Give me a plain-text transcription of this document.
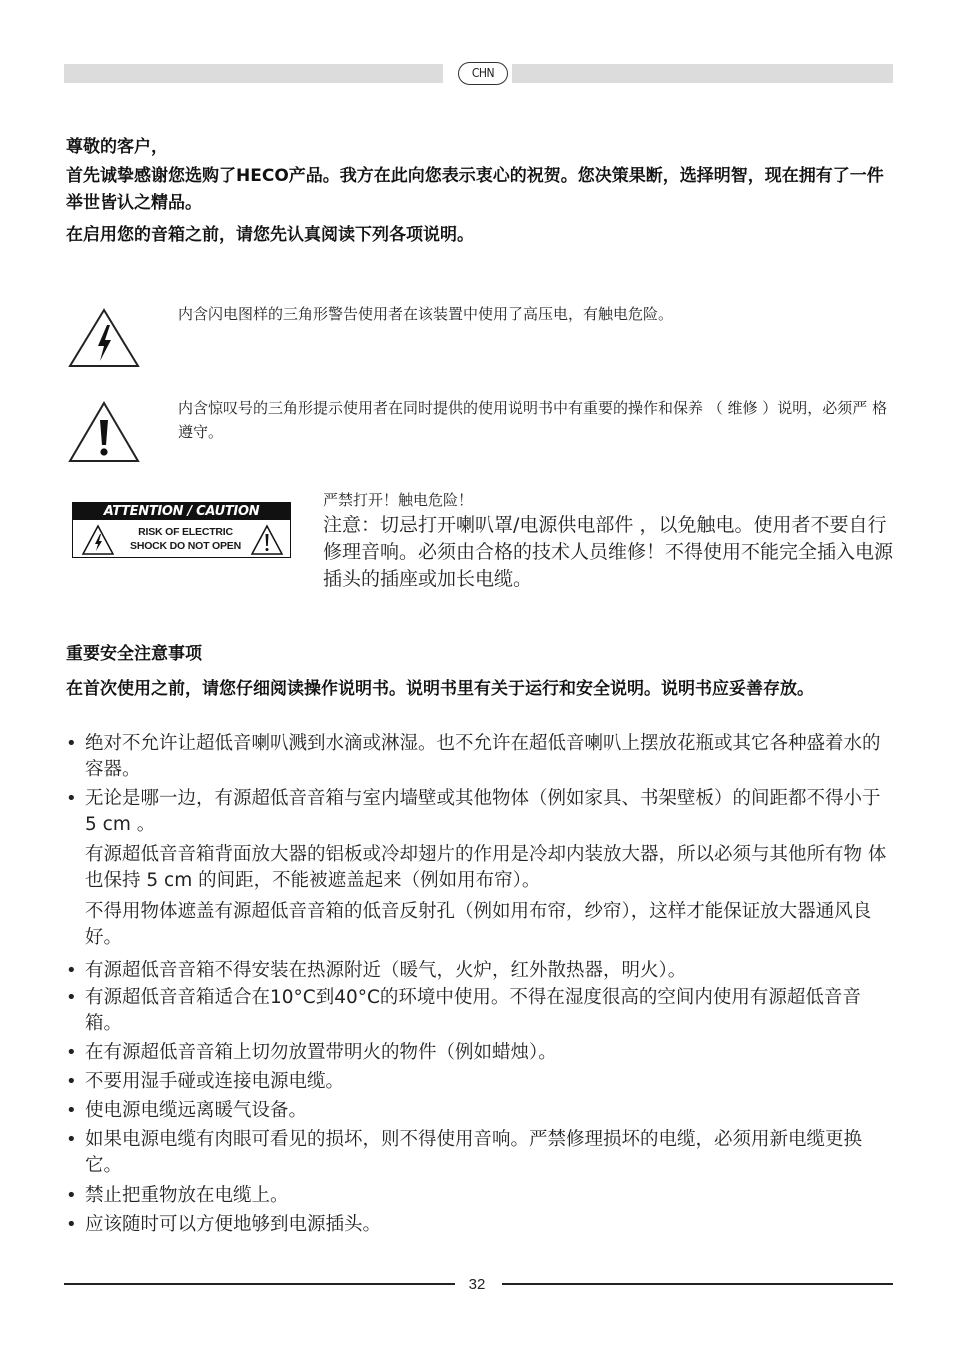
CHN

尊敬的客户，

首先诚挚感谢您选购了HECO产品。我方在此向您表示衷心的祝贺。您决策果断，选择明智，现在拥有了一件举世皆认之精品。

在启用您的音箱之前，请您先认真阅读下列各项说明。

内含闪电图样的三角形警告使用者在该装置中使用了高压电，有触电危险。

内含惊叹号的三角形提示使用者在同时提供的使用说明书中有重要的操作和保养 （ 维修 ）说明，必须严 格遵守。

ATTENTION / CAUTION
RISK OF ELECTRIC
SHOCK DO NOT OPEN

严禁打开！触电危险！

注意：切忌打开喇叭罩/电源供电部件 ，以免触电。使用者不要自行修理音响。必须由合格的技术人员维修！不得使用不能完全插入电源插头的插座或加长电缆。

重要安全注意事项

在首次使用之前，请您仔细阅读操作说明书。说明书里有关于运行和安全说明。说明书应妥善存放。

• 绝对不允许让超低音喇叭溅到水滴或淋湿。也不允许在超低音喇叭上摆放花瓶或其它各种盛着水的容器。

• 无论是哪一边，有源超低音音箱与室内墙壁或其他物体（例如家具、书架壁板）的间距都不得小于 5 cm 。

有源超低音音箱背面放大器的铝板或冷却翅片的作用是冷却内装放大器，所以必须与其他所有物 体也保持 5 cm 的间距，不能被遮盖起来（例如用布帘）。

不得用物体遮盖有源超低音音箱的低音反射孔（例如用布帘，纱帘），这样才能保证放大器通风良好。

• 有源超低音音箱不得安装在热源附近（暖气，火炉，红外散热器，明火）。

• 有源超低音音箱适合在10°C到40°C的环境中使用。不得在湿度很高的空间内使用有源超低音音箱。

• 在有源超低音音箱上切勿放置带明火的物件（例如蜡烛）。

• 不要用湿手碰或连接电源电缆。

• 使电源电缆远离暖气设备。

• 如果电源电缆有肉眼可看见的损坏，则不得使用音响。严禁修理损坏的电缆，必须用新电缆更换它。

• 禁止把重物放在电缆上。

• 应该随时可以方便地够到电源插头。

32
